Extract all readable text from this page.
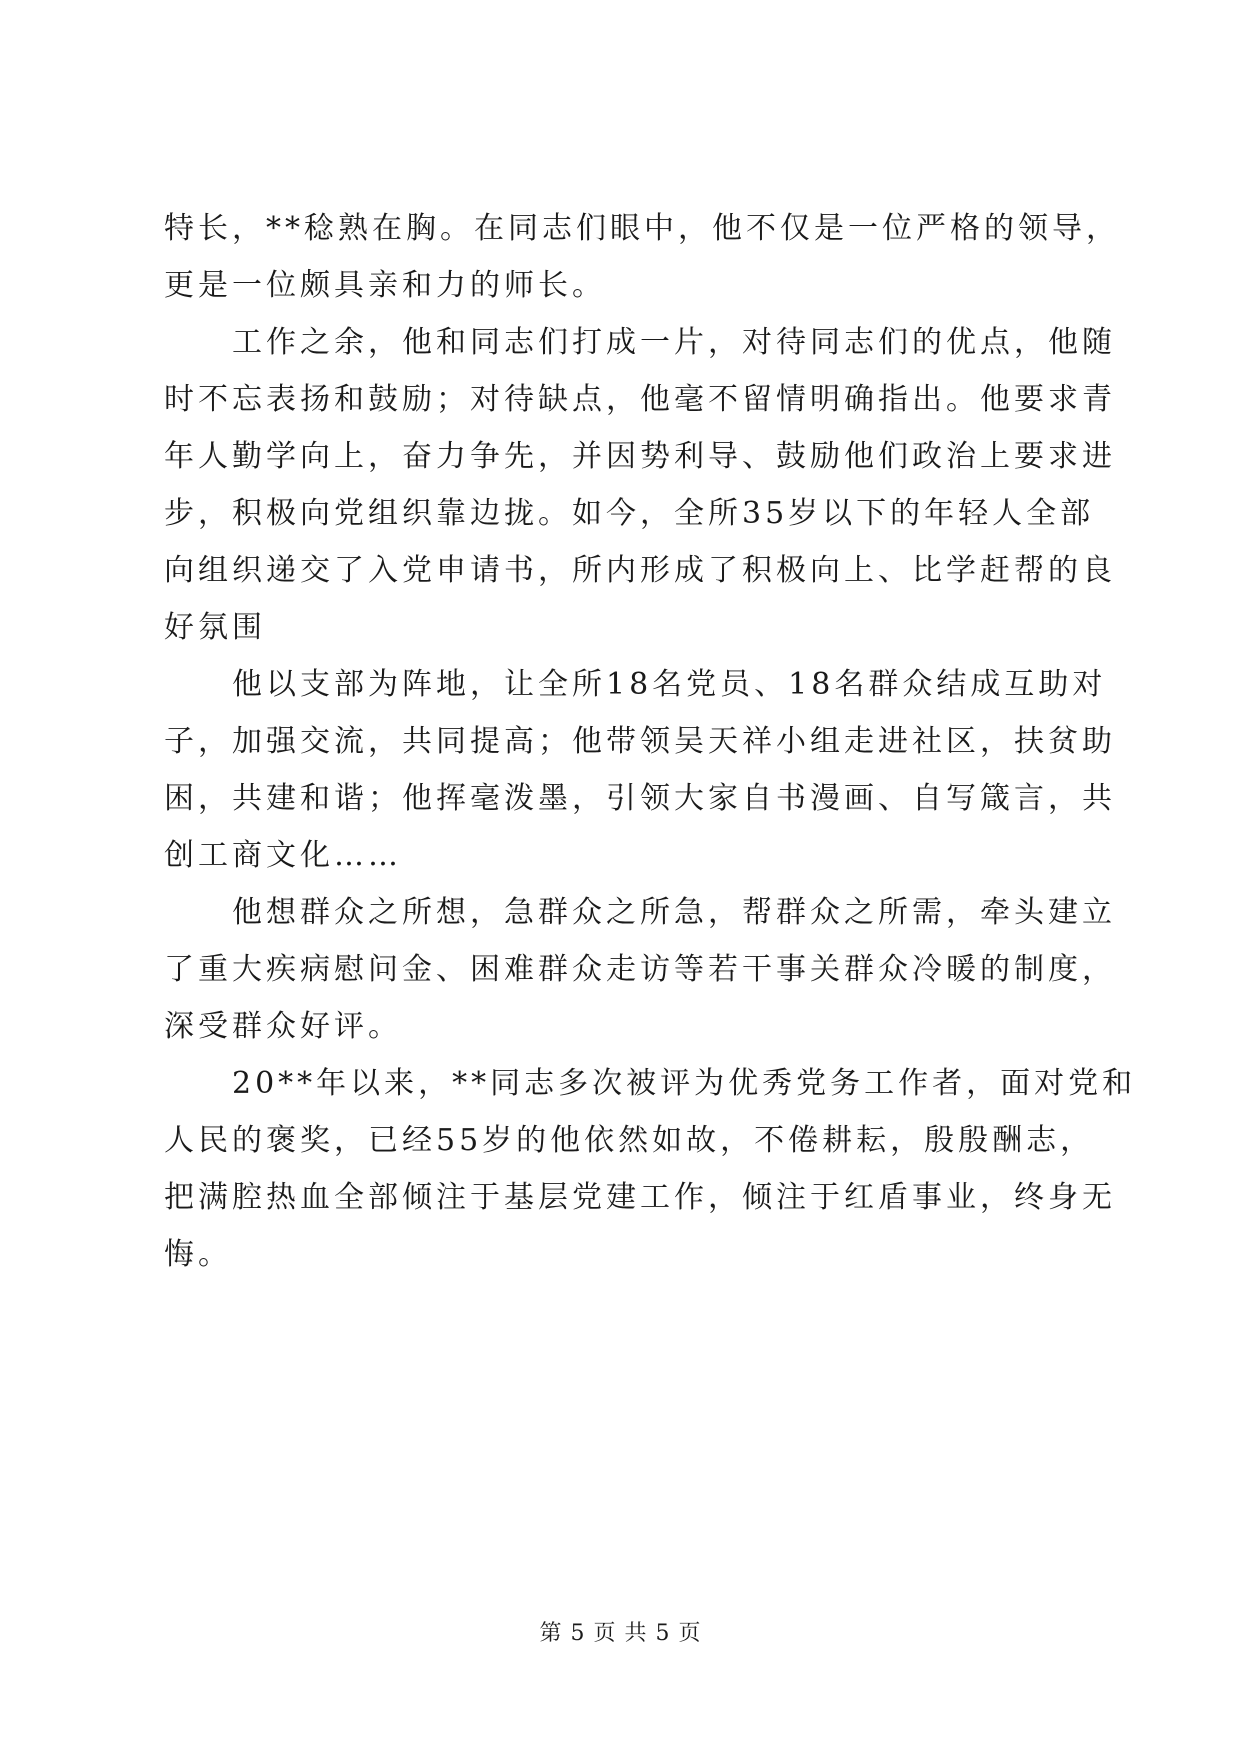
特长，**稔熟在胸。在同志们眼中，他不仅是一位严格的领导，
更是一位颇具亲和力的师长。
工作之余，他和同志们打成一片，对待同志们的优点，他随
时不忘表扬和鼓励；对待缺点，他毫不留情明确指出。他要求青
年人勤学向上，奋力争先，并因势利导、鼓励他们政治上要求进
步，积极向党组织靠边拢。如今，全所35岁以下的年轻人全部
向组织递交了入党申请书，所内形成了积极向上、比学赶帮的良
好氛围
他以支部为阵地，让全所18名党员、18名群众结成互助对
子，加强交流，共同提高；他带领吴天祥小组走进社区，扶贫助
困，共建和谐；他挥毫泼墨，引领大家自书漫画、自写箴言，共
创工商文化……
他想群众之所想，急群众之所急，帮群众之所需，牵头建立
了重大疾病慰问金、困难群众走访等若干事关群众冷暖的制度，
深受群众好评。
20**年以来，**同志多次被评为优秀党务工作者，面对党和
人民的褒奖，已经55岁的他依然如故，不倦耕耘，殷殷酬志，
把满腔热血全部倾注于基层党建工作，倾注于红盾事业，终身无
悔。
第 5 页 共 5 页
